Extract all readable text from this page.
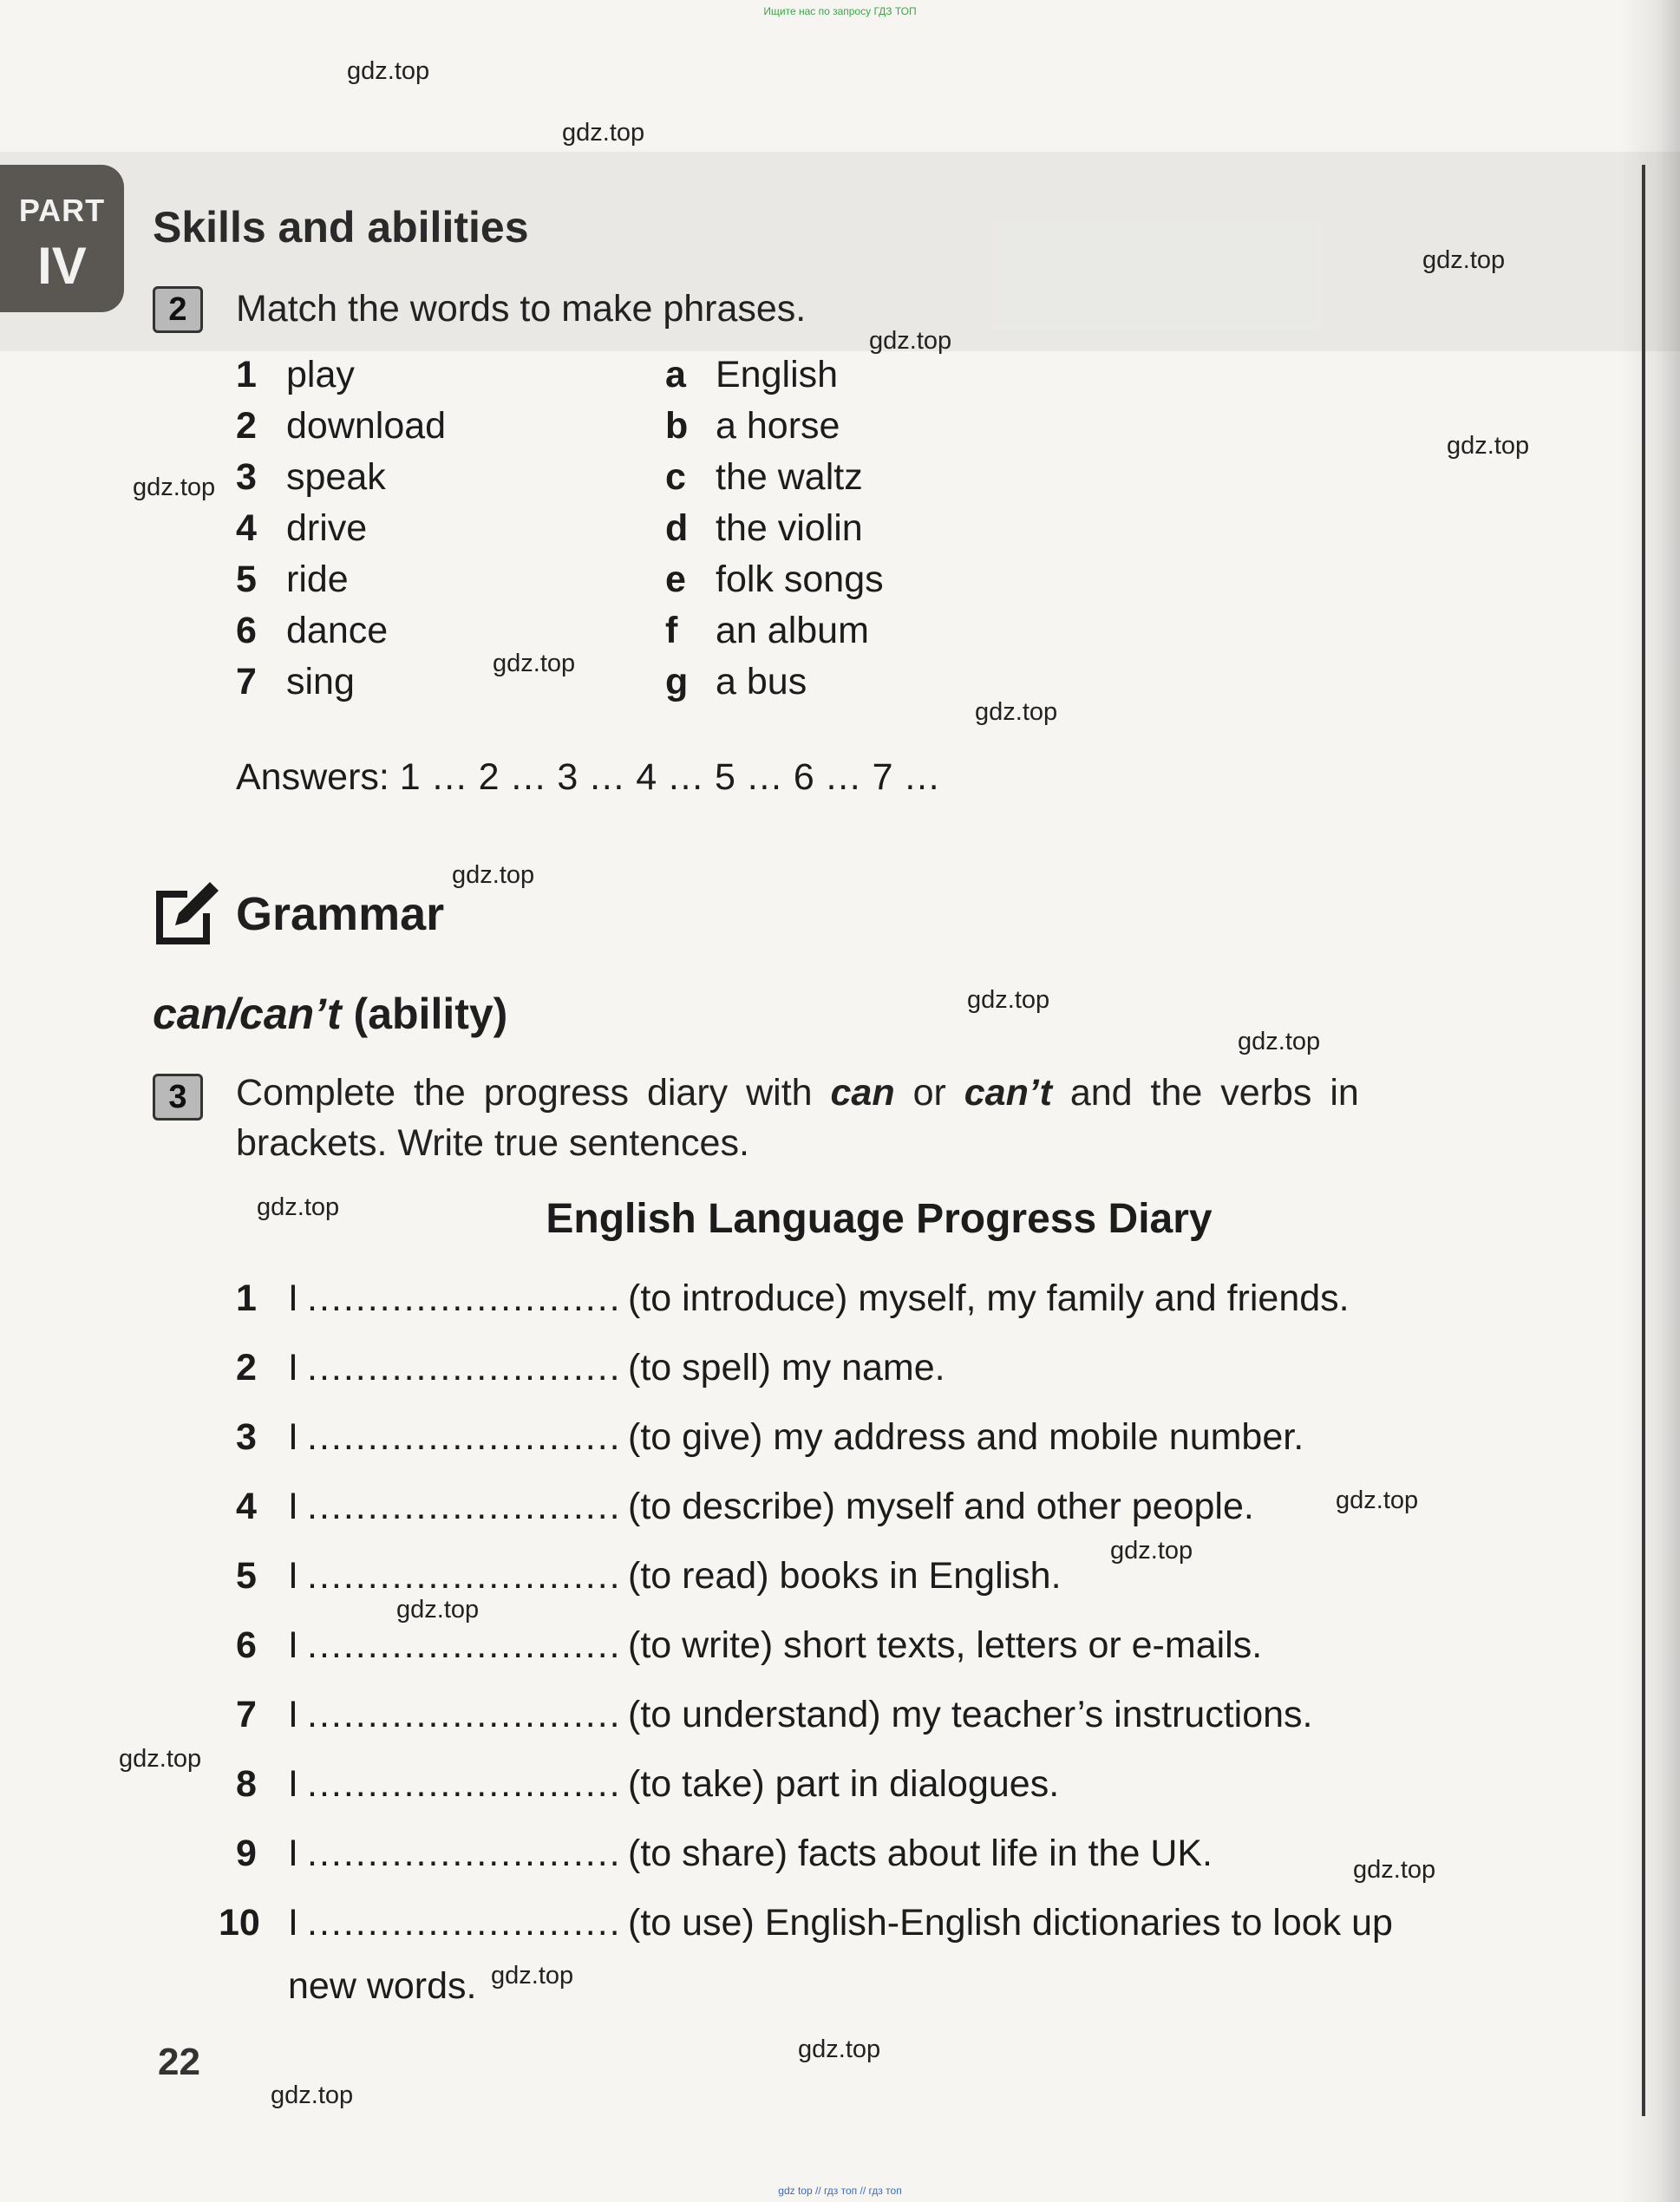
Ищите нас по запросу ГДЗ ТОП
gdz.top
gdz.top
gdz.top
gdz.top
gdz.top
gdz.top
gdz.top
gdz.top
gdz.top
gdz.top
gdz.top
gdz.top
gdz.top
gdz.top
gdz.top
gdz.top
gdz.top
gdz.top
gdz.top
gdz.top
PART
IV
Skills and abilities
2	Match the words to make phrases.
1 play	a English
2 download	b a horse
3 speak	c the waltz
4 drive	d the violin
5 ride	e folk songs
6 dance	f an album
7 sing	g a bus
Answers: 1 … 2 … 3 … 4 … 5 … 6 … 7 …
Grammar
can/can’t (ability)
3	Complete the progress diary with can or can’t and the verbs in
brackets. Write true sentences.
English Language Progress Diary
1 I .......................... (to introduce) myself, my family and friends.
2 I .......................... (to spell) my name.
3 I .......................... (to give) my address and mobile number.
4 I .......................... (to describe) myself and other people.
5 I .......................... (to read) books in English.
6 I .......................... (to write) short texts, letters or e-mails.
7 I .......................... (to understand) my teacher’s instructions.
8 I .......................... (to take) part in dialogues.
9 I .......................... (to share) facts about life in the UK.
10 I .......................... (to use) English-English dictionaries to look up
new words.
22
gdz top // гдз топ // гдз топ
